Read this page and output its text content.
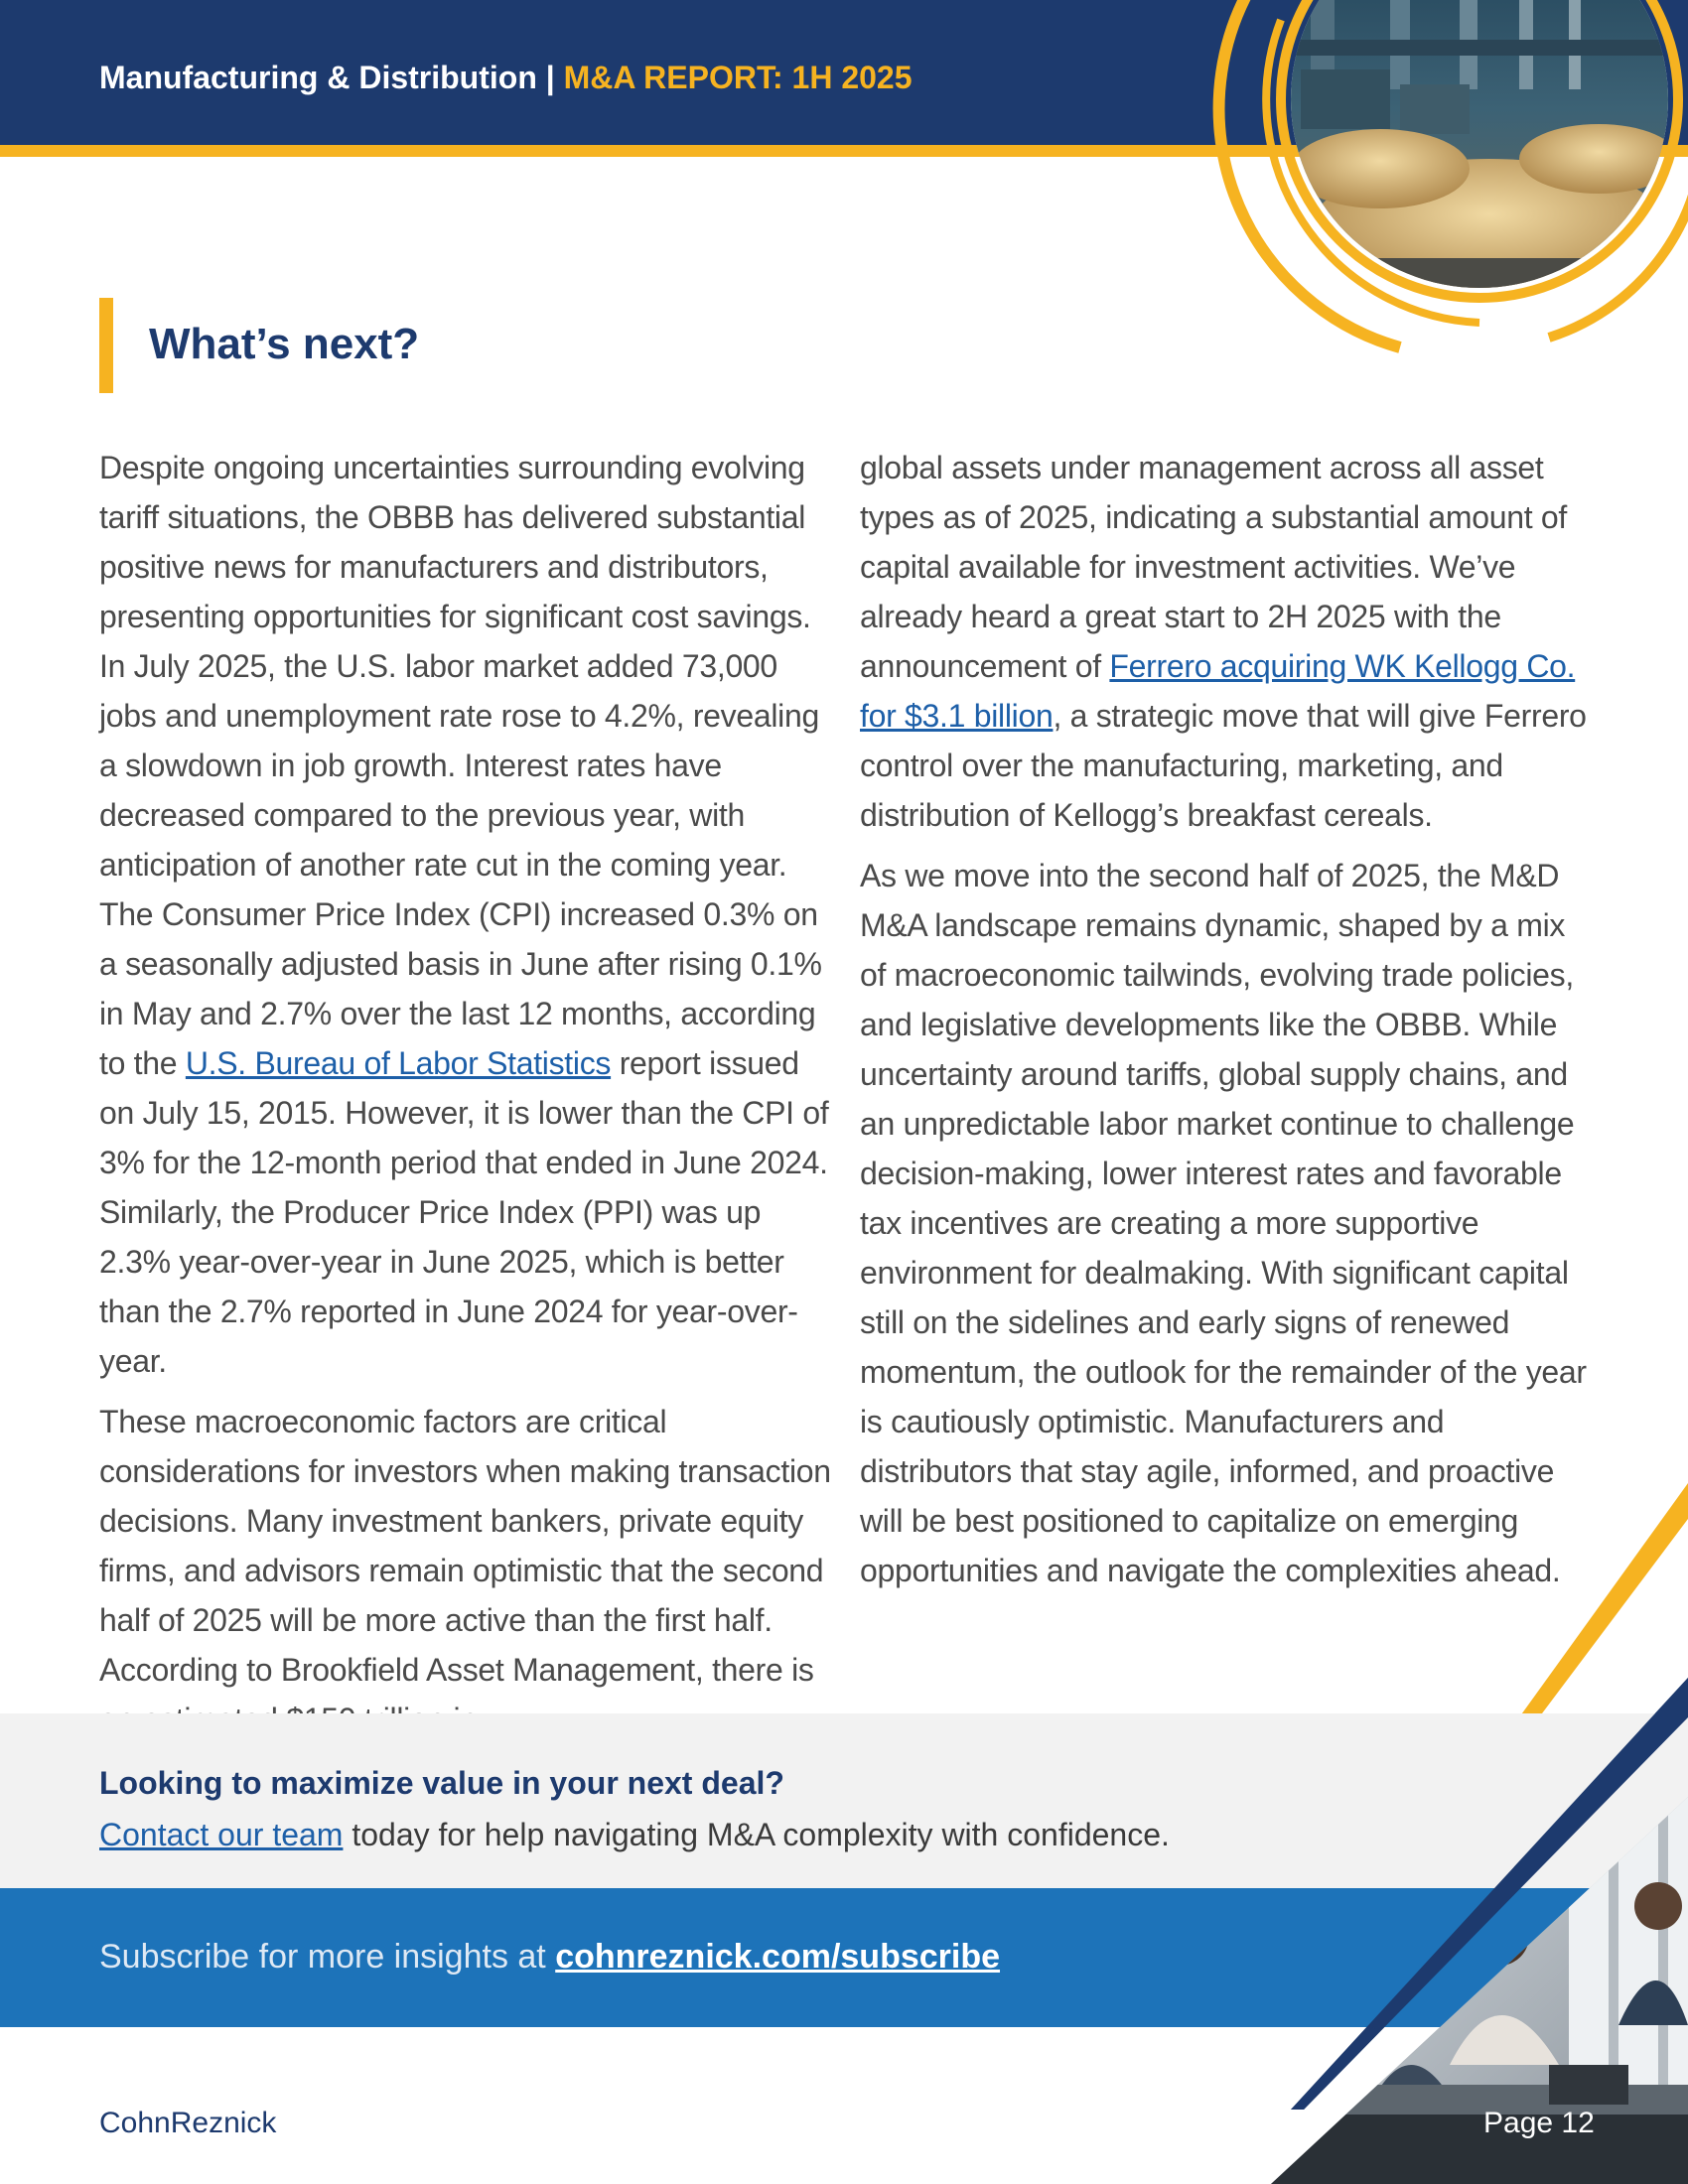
Manufacturing & Distribution | M&A REPORT: 1H 2025
What’s next?

Despite ongoing uncertainties surrounding evolving tariff situations, the OBBB has delivered substantial positive news for manufacturers and distributors, presenting opportunities for significant cost savings. In July 2025, the U.S. labor market added 73,000 jobs and unemployment rate rose to 4.2%, revealing a slowdown in job growth. Interest rates have decreased compared to the previous year, with anticipation of another rate cut in the coming year. The Consumer Price Index (CPI) increased 0.3% on a seasonally adjusted basis in June after rising 0.1% in May and 2.7% over the last 12 months, according to the U.S. Bureau of Labor Statistics report issued on July 15, 2015. However, it is lower than the CPI of 3% for the 12-month period that ended in June 2024. Similarly, the Producer Price Index (PPI) was up 2.3% year-over-year in June 2025, which is better than the 2.7% reported in June 2024 for year-over-year.

These macroeconomic factors are critical considerations for investors when making transaction decisions. Many investment bankers, private equity firms, and advisors remain optimistic that the second half of 2025 will be more active than the first half. According to Brookfield Asset Management, there is

global assets under management across all asset types as of 2025, indicating a substantial amount of capital available for investment activities. We’ve already heard a great start to 2H 2025 with the announcement of Ferrero acquiring WK Kellogg Co. for $3.1 billion, a strategic move that will give Ferrero control over the manufacturing, marketing, and distribution of Kellogg’s breakfast cereals.

As we move into the second half of 2025, the M&D M&A landscape remains dynamic, shaped by a mix of macroeconomic tailwinds, evolving trade policies, and legislative developments like the OBBB. While uncertainty around tariffs, global supply chains, and an unpredictable labor market continue to challenge decision-making, lower interest rates and favorable tax incentives are creating a more supportive environment for dealmaking. With significant capital still on the sidelines and early signs of renewed momentum, the outlook for the remainder of the year is cautiously optimistic. Manufacturers and distributors that stay agile, informed, and proactive will be best positioned to capitalize on emerging opportunities and navigate the complexities ahead.

Looking to maximize value in your next deal?
Contact our team today for help navigating M&A complexity with confidence.
Subscribe for more insights at cohnreznick.com/subscribe
CohnReznick	Page 12
